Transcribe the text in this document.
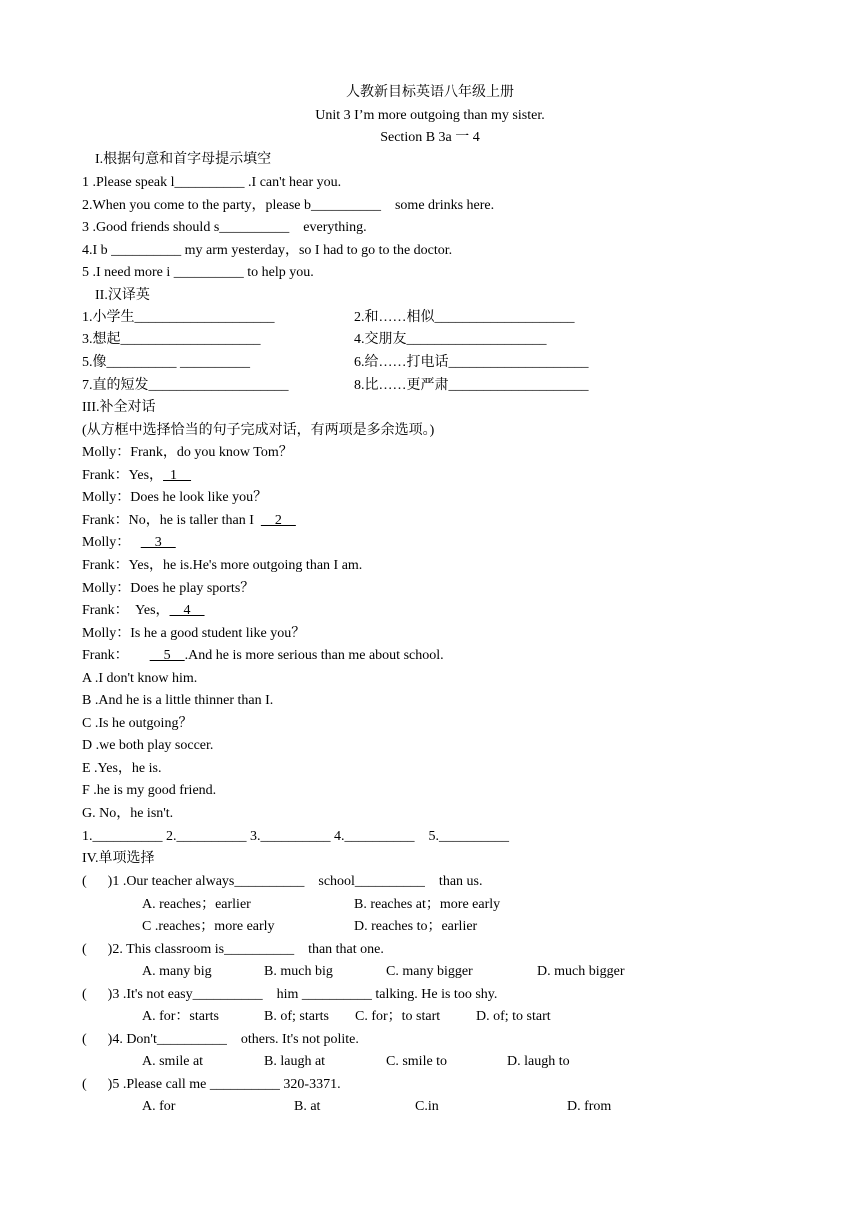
人教新目标英语八年级上册
Unit 3 I’m more outgoing than my sister.
Section B 3a 一 4
I.根据句意和首字母提示填空
1 .Please speak l__________ .I can't hear you.
2.When you come to the party，please b__________    some drinks here.
3 .Good friends should s__________    everything.
4.I b __________ my arm yesterday，so I had to go to the doctor.
5 .I need more i __________ to help you.
II.汉译英
1.小学生____________________	2.和……相似____________________
3.想起____________________	4.交朋友____________________
5.像__________ __________	6.给……打电话____________________
7.直的短发____________________	8.比……更严肃____________________
III.补全对话
(从方框中选择恰当的句子完成对话，有两项是多余选项。)
Molly：Frank，do you know Tom？
Frank：Yes，  1
Molly：Does he look like you？
Frank：No，he is taller than I      2
Molly：       3
Frank：Yes，he is.He's more outgoing than I am.
Molly：Does he play sports？
Frank：  Yes，    4
Molly：Is he a good student like you？
Frank：          5    .And he is more serious than me about school.
A .I don't know him.
B .And he is a little thinner than I.
C .Is he outgoing？
D .we both play soccer.
E .Yes，he is.
F .he is my good friend.
G. No，he isn't.
1.__________ 2.__________ 3.__________ 4.__________    5.__________
IV.单项选择
(      )1 .Our teacher always__________    school__________    than us.
A. reaches；earlier	B. reaches at；more early
C .reaches；more early	D. reaches to；earlier
(      )2. This classroom is__________    than that one.
A. many big	B. much big	C. many bigger	D. much bigger
(      )3 .It's not easy__________    him __________ talking. He is too shy.
A. for：starts	B. of; starts C. for；to start	D. of; to start
(      )4. Don't__________    others. It's not polite.
A. smile at	B. laugh at	C. smile to	D. laugh to
(      )5 .Please call me __________ 320-3371.
A. for	B. at	C.in	D. from
